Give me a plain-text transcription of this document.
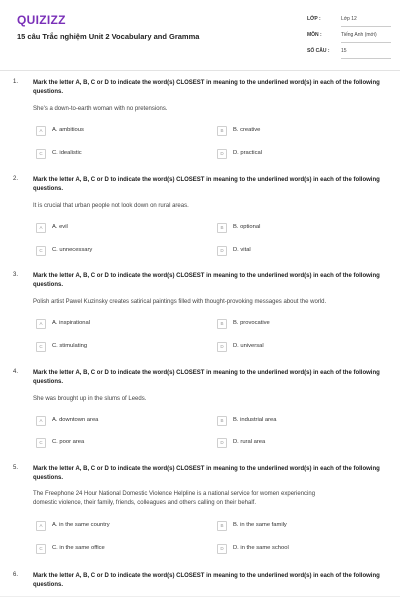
QUIZIZZ
15 câu Trắc nghiệm Unit 2 Vocabulary and Gramma
LỚP :	Lớp 12
MÔN :	Tiếng Anh (mới)
SỐ CÂU : 15
1. Mark the letter A, B, C or D to indicate the word(s) CLOSEST in meaning to the underlined word(s) in each of the following questions.
She's a down-to-earth woman with no pretensions.
A	A. ambitious	B	B. creative
C	C. idealistic	D	D. practical
2. Mark the letter A, B, C or D to indicate the word(s) CLOSEST in meaning to the underlined word(s) in each of the following questions.
It is crucial that urban people not look down on rural areas.
A	A. evil	B	B. optional
C	C. unnecessary	D	D. vital
3. Mark the letter A, B, C or D to indicate the word(s) CLOSEST in meaning to the underlined word(s) in each of the following questions.
Polish artist Pawel Kuzinsky creates satirical paintings filled with thought-provoking messages about the world.
A	A. inspirational	B	B. provocative
C	C. stimulating	D	D. universal
4. Mark the letter A, B, C or D to indicate the word(s) CLOSEST in meaning to the underlined word(s) in each of the following questions.
She was brought up in the slums of Leeds.
A	A. downtown area	B	B. industrial area
C	C. poor area	D	D. rural area
5. Mark the letter A, B, C or D to indicate the word(s) CLOSEST in meaning to the underlined word(s) in each of the following questions.
The Freephone 24 Hour National Domestic Violence Helpline is a national service for women experiencing domestic violence, their family, friends, colleagues and others calling on their behalf.
A	A. in the same country	B	B. in the same family
C	C. in the same office	D	D. in the same school
6. Mark the letter A, B, C or D to indicate the word(s) CLOSEST in meaning to the underlined word(s) in each of the following questions.
